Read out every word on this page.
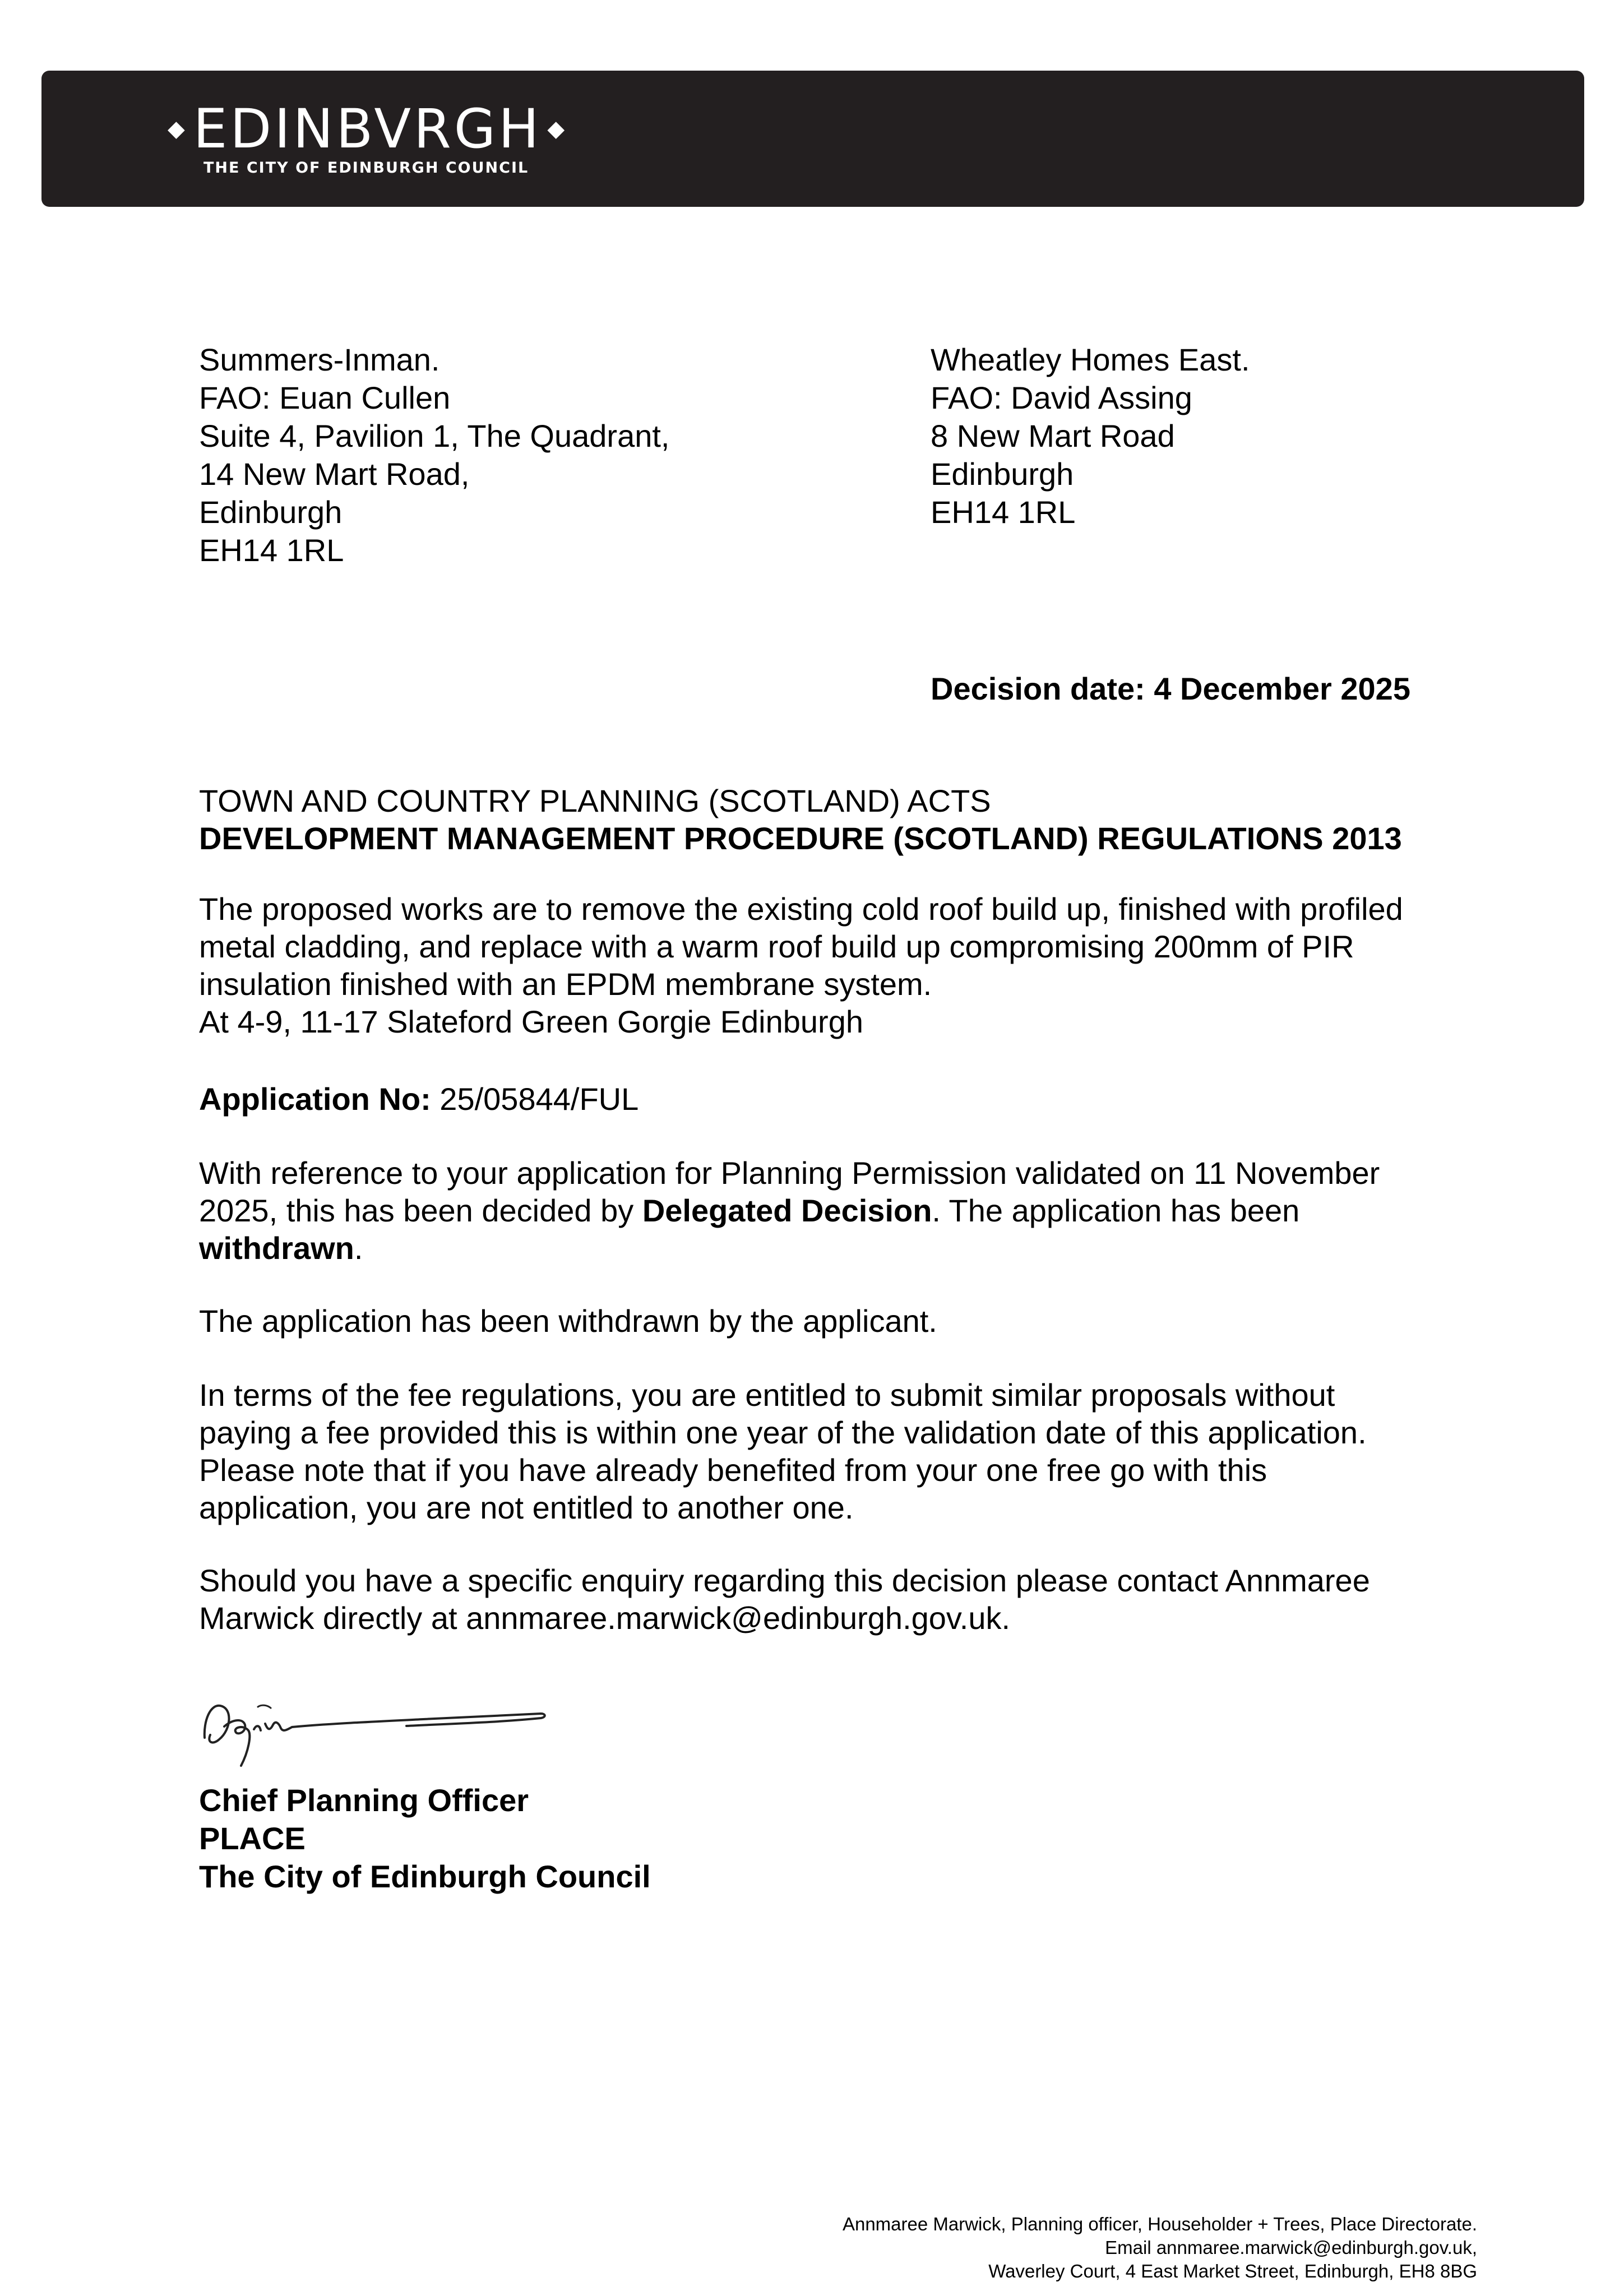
◆ EDINBVRGH ◆
THE CITY OF EDINBURGH COUNCIL
Summers-Inman.
FAO: Euan Cullen
Suite 4, Pavilion 1, The Quadrant,
14 New Mart Road,
Edinburgh
EH14 1RL
Wheatley Homes East.
FAO: David Assing
8 New Mart Road
Edinburgh
EH14 1RL
Decision date: 4 December 2025
TOWN AND COUNTRY PLANNING (SCOTLAND) ACTS
DEVELOPMENT MANAGEMENT PROCEDURE (SCOTLAND) REGULATIONS 2013
The proposed works are to remove the existing cold roof build up, finished with profiled
metal cladding, and replace with a warm roof build up compromising 200mm of PIR
insulation finished with an EPDM membrane system.
At 4-9, 11-17 Slateford Green Gorgie Edinburgh
Application No: 25/05844/FUL
With reference to your application for Planning Permission validated on 11 November
2025, this has been decided by Delegated Decision. The application has been
withdrawn.
The application has been withdrawn by the applicant.
In terms of the fee regulations, you are entitled to submit similar proposals without
paying a fee provided this is within one year of the validation date of this application.
Please note that if you have already benefited from your one free go with this
application, you are not entitled to another one.
Should you have a specific enquiry regarding this decision please contact Annmaree
Marwick directly at annmaree.marwick@edinburgh.gov.uk.
Chief Planning Officer
PLACE
The City of Edinburgh Council
Annmaree Marwick, Planning officer, Householder + Trees, Place Directorate.
Email annmaree.marwick@edinburgh.gov.uk,
Waverley Court, 4 East Market Street, Edinburgh, EH8 8BG
